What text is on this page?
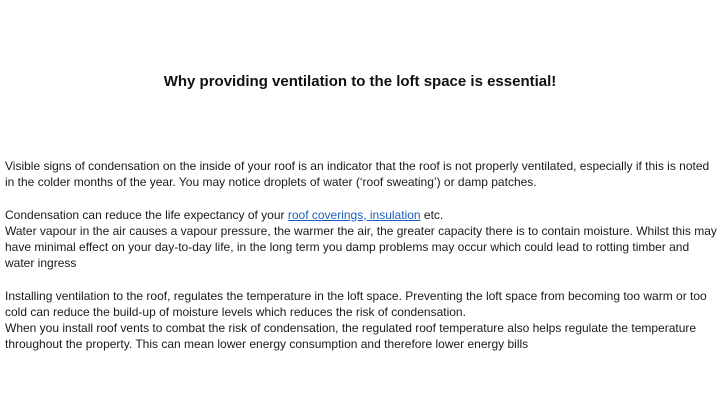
Why providing ventilation to the loft space is essential!

Visible signs of condensation on the inside of your roof is an indicator that the roof is not properly ventilated, especially if this is noted in the colder months of the year. You may notice droplets of water (‘roof sweating’) or damp patches.

Condensation can reduce the life expectancy of your roof coverings, insulation etc.

Water vapour in the air causes a vapour pressure, the warmer the air, the greater capacity there is to contain moisture. Whilst this may have minimal effect on your day-to-day life, in the long term you damp problems may occur which could lead to rotting timber and water ingress

Installing ventilation to the roof, regulates the temperature in the loft space. Preventing the loft space from becoming too warm or too cold can reduce the build-up of moisture levels which reduces the risk of condensation.

When you install roof vents to combat the risk of condensation, the regulated roof temperature also helps regulate the temperature throughout the property. This can mean lower energy consumption and therefore lower energy bills
